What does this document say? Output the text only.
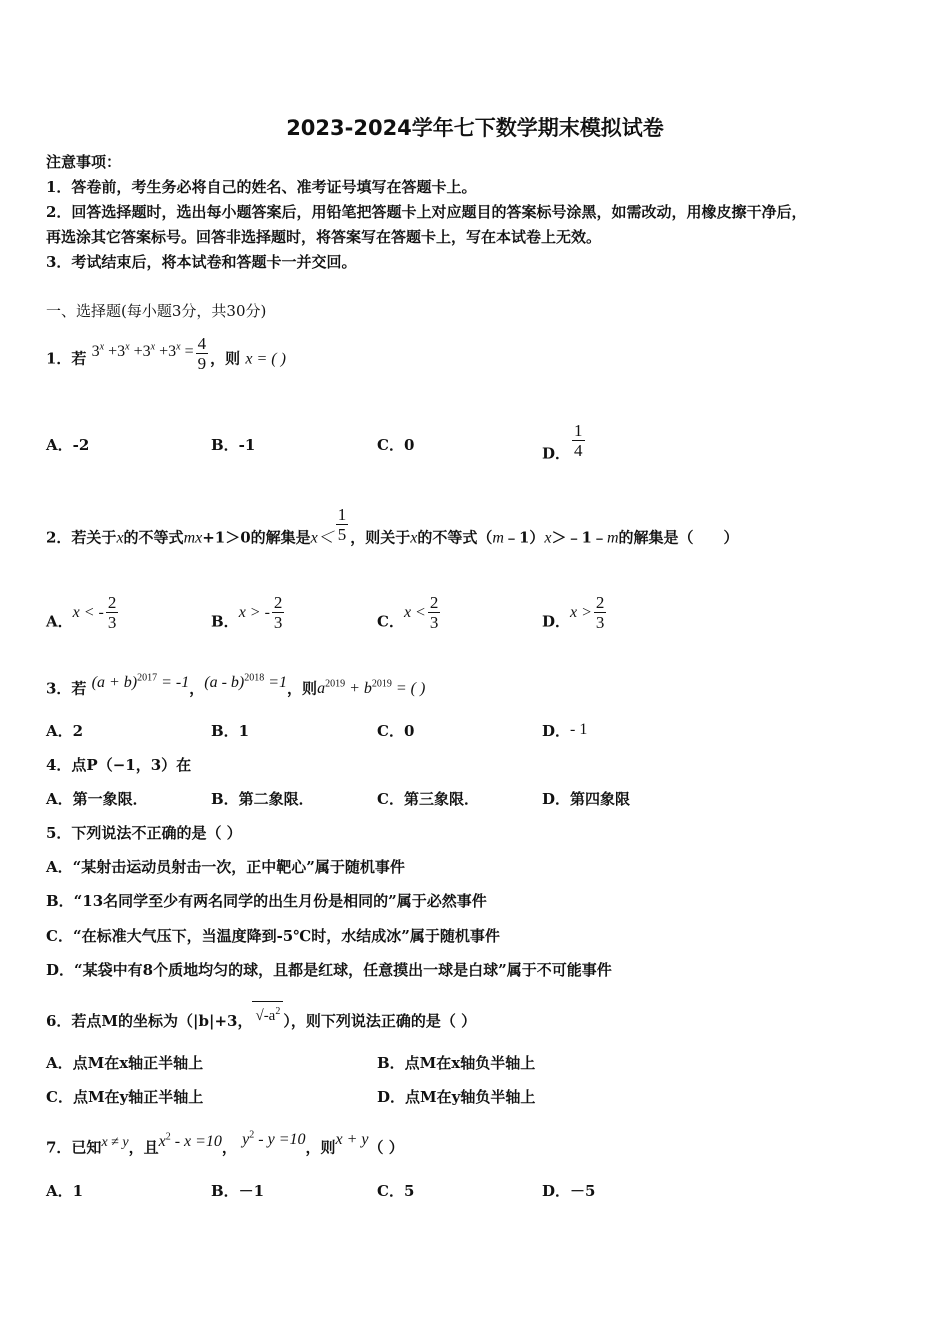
2023-2024学年七下数学期末模拟试卷
注意事项：
1．答卷前，考生务必将自己的姓名、准考证号填写在答题卡上。
2．回答选择题时，选出每小题答案后，用铅笔把答题卡上对应题目的答案标号涂黑，如需改动，用橡皮擦干净后，
再选涂其它答案标号。回答非选择题时，将答案写在答题卡上，写在本试卷上无效。
3．考试结束后，将本试卷和答题卡一并交回。
一、选择题(每小题3分，共30分)
1．若 $3^x +3^x +3^x +3^x = \frac{4}{9}$ ，则 x = ( )
A．-2	B．-1	C．0	D． $\frac{1}{4}$
2．若关于x的不等式mx+1＞0的解集是$x< \frac{1}{5}$ ，则关于x的不等式（m﹣1）x＞﹣1﹣m的解集是（　　）
A．x < - $\frac{2}{3}$	B．x > - $\frac{2}{3}$	C．$x < \frac{2}{3}$	D．$x > \frac{2}{3}$
3．若 $(a + b)^{2017} = -1$，(a - b)$^{2018}$ =1，则$a^{2019} + b^{2019}$ = ( )
A．2	B．1	C．0	D．- 1
4．点P（−1，3）在
A．第一象限．	B．第二象限．	C．第三象限．	D．第四象限
5．下列说法不正确的是（ ）
A．“某射击运动员射击一次，正中靶心”属于随机事件
B．“13名同学至少有两名同学的出生月份是相同的”属于必然事件
C．“在标准大气压下，当温度降到-5℃时，水结成冰”属于随机事件
D．“某袋中有8个质地均匀的球，且都是红球，任意摸出一球是白球”属于不可能事件
6．若点M的坐标为（|b|+3， $√-a^2$），则下列说法正确的是（ ）
A．点M在x轴正半轴上	B．点M在x轴负半轴上
C．点M在y轴正半轴上	D．点M在y轴负半轴上
7．已知x ≠ y，且$x^2 - x =10$， $y^2 - y =10$，则x + y（ ）
A．1	B．－1	C．5	D．－5
